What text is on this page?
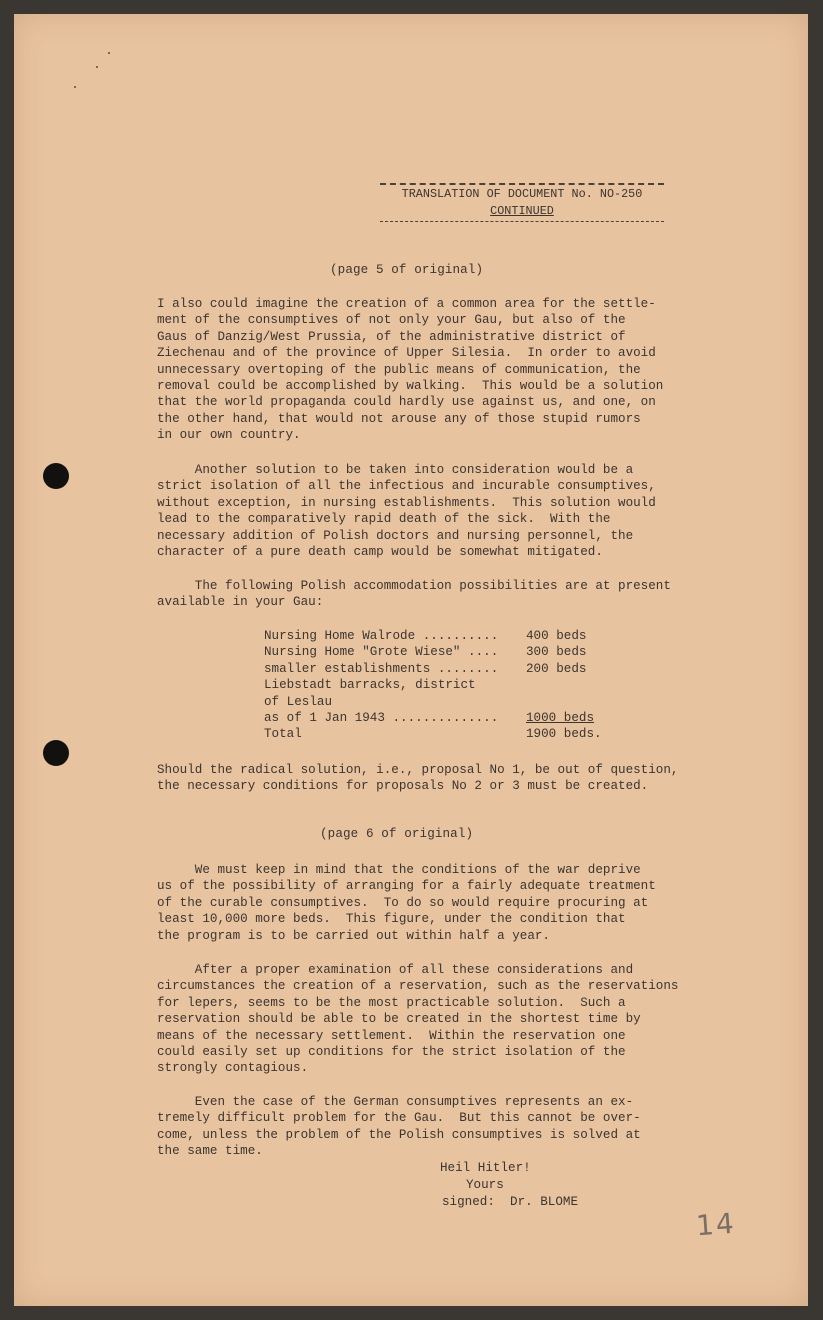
TRANSLATION OF DOCUMENT No. NO-250
CONTINUED
(page 5 of original)
I also could imagine the creation of a common area for the settle-
ment of the consumptives of not only your Gau, but also of the
Gaus of Danzig/West Prussia, of the administrative district of
Ziechenau and of the province of Upper Silesia.  In order to avoid
unnecessary overtoping of the public means of communication, the
removal could be accomplished by walking.  This would be a solution
that the world propaganda could hardly use against us, and one, on
the other hand, that would not arouse any of those stupid rumors
in our own country.
Another solution to be taken into consideration would be a
strict isolation of all the infectious and incurable consumptives,
without exception, in nursing establishments.  This solution would
lead to the comparatively rapid death of the sick.  With the
necessary addition of Polish doctors and nursing personnel, the
character of a pure death camp would be somewhat mitigated.
The following Polish accommodation possibilities are at present
available in your Gau:
Nursing Home Walrode .......... 400 beds
Nursing Home "Grote Wiese" .... 300 beds
smaller establishments ........ 200 beds
Liebstadt barracks, district
of Leslau
as of 1 Jan 1943 .............. 1000 beds
Total	1900 beds.
Should the radical solution, i.e., proposal No 1, be out of question,
the necessary conditions for proposals No 2 or 3 must be created.
(page 6 of original)
We must keep in mind that the conditions of the war deprive
us of the possibility of arranging for a fairly adequate treatment
of the curable consumptives.  To do so would require procuring at
least 10,000 more beds.  This figure, under the condition that
the program is to be carried out within half a year.
After a proper examination of all these considerations and
circumstances the creation of a reservation, such as the reservations
for lepers, seems to be the most practicable solution.  Such a
reservation should be able to be created in the shortest time by
means of the necessary settlement.  Within the reservation one
could easily set up conditions for the strict isolation of the
strongly contagious.
Even the case of the German consumptives represents an ex-
tremely difficult problem for the Gau.  But this cannot be over-
come, unless the problem of the Polish consumptives is solved at
the same time.
Heil Hitler!
Yours
signed:  Dr. BLOME
14
